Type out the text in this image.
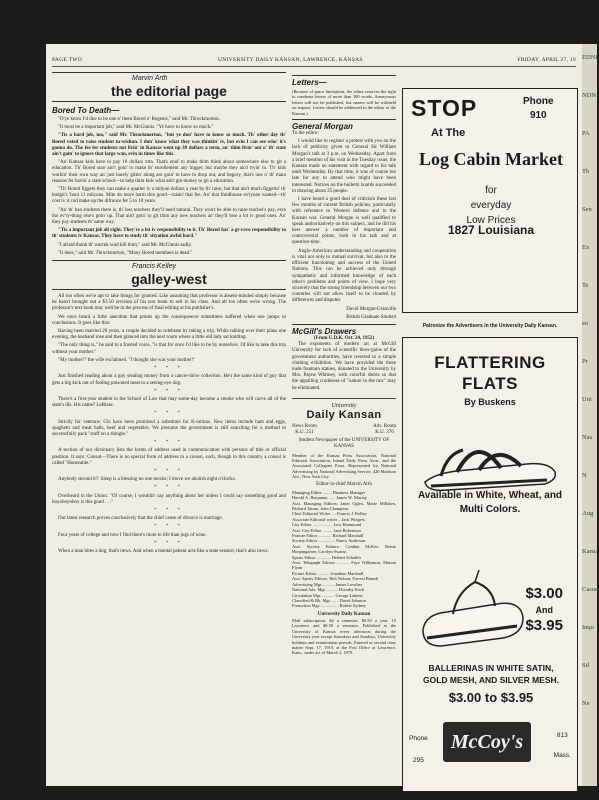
PAGE TWO	UNIVERSITY DAILY KANSAN, LAWRENCE, KANSAS	FRIDAY, APRIL 27, 19
Marvin Arth
the editorial page
Bored To Death—

"D'ye know I'd like to be one o' them Bored o' Regents," said Mr. Throckmorton.

"It must be a important job," said Mr. McGinnis. "Ye have to know so much."

"Tis a hard job, too," said Mr. Throckmorton, "but ye don' have to know so much. Th' other day th' Bored voted to raise student tu-wishun. I dun' know what they was thinkin' iv, but evin I can see who' it's gonna do. The fee fer students not livin' in Kansas went up 30 dollars a term, an' thim livin' out o' th' state ain't goin' to ignore that large wan, evin in times like this.

"An' Kansas kids have to pay 10 dollars xtra. That's enuf to make thim think about somewhere else to git a education. Th' Bored sure ain't goin' to make th' enrollement any bigger, but maybe they ain't tryin' to. Th' kids workin' their own way an' just barely gittin' along are goin' to have to drop out, and begory, that's one o' th' main reasons fer havin' a state school—to help thim kids what ain't got money to git a education.

"Th' Bored figgers they can make a quarter iv a milyun dollars a year by th' raise, but that ain't much figgerin' th' budgit's 'bout 11 milyuns. Mite do more harm thin good—raisin' that fee. An' that fmidhouse ex'tyune wanted—th' cost iv it cud make up the difrunce fer 5 to 10 years.

"An' th' ban students there is, th' less teachers they'll need natural. They won't be able to raise teacher's pay, evin tho ev'ry-thing else's goin' up. That ain't goin' to git thim any new teachers an' they'll lose a lot iv good ones. An' they pay students th' same way.

"Tis a important job all right. They're a lot iv responsibility to it. Th' Bored has' a gr-rave responsibility to th' students iv Kansas. They have to study th' sityation awful hard."

"I afraid thunk th' warrnk wud kill thim," said Mr. McGinnis sadly.

"It does," said Mr. Throckmorton, "Many Bored members is dead."

Francis Kelley
galley-west

All too often we're apt to take things for granted. Like assuming that professor is absent-minded simply because he hasn't brought out a $3.50 revision of his text book to sell to his class. And all too often we're wrong. The professor's text book may well be in the process of final editing at his publisher's.

We once heard a little anecdote that points up the consequences sometimes suffered when one jumps to conclusions. It goes like this:

Having been married 20 years, a couple decided to celebrate by taking a trip. While talking over their plans one evening, the husband rose and then glanced into the next room where a little old lady sat knitting.

"The only thing is," he said to a frosted voice, "is that for once I'd like to be by ourselves. I'd like to take this trip without your mother."

"My mother?" the wife exclaimed. "I thought she was your mother!"

* * *

Just finished reading about a guy stealing money from a cancer-drive collection. He's the same kind of guy that gets a big kick out of fooling poisoned meat to a seeing-eye dog.

* * *

There's a first-year student in the School of Law that may some-day become a smoke who will carve all of the state's ills. His name? LeBlanc.

* * *

Strictly for veterans: GIs have been promised a substitute for K-rations. New items include ham and eggs, spaghetti and meat balls, beef and vegetables. We presume the government is still searching for a method to successfully pack "stuff on a shingle."

* * *

A section of our dictionary lists the forms of address used in communication with persons of title or official position. It says: Consul—There is no special form of address to a consul, such, though in this country a consul is called "Honorable."

* * *

Anybody second it?: Sleep is a blessing no one mocks; I move we abolish eight o'clocks.

* * *

Overheard in the Union: "Of course, I wouldn't say anything about her unless I could say something good and boyoboyoboy is this good . . ."

* * *

Our latest research proves conclusively that the chief cause of divorce is marriage.

* * *

Four years of college and now I find there's more to life than jugs of wine.

* * *

When a man bites a dog, that's news. And when a mental patient acts like a state senator, that's also news.

Letters—
(Because of space limitations, the editor reserves the right to condense letters of more than 100 words. Anonymous letters will not be published, but names will be withheld on request. Letters should be addressed to the editor of the Kansan.)
General Morgan

To the editor:

I would like to register a protest with you on the lack of publicity given to General Sir William Morgan's talk at 3 p.m. on Wednesday. Apart from a brief mention of his visit in the Tuesday issue, the Kansan made no statement with regard to his talk until Wednesday. By that time, it was of course too late for any to attend who might have been interested. Notices on the bulletin boards succeeded in drawing about 25 people.

I have heard a good deal of criticism these last few months of current British policies, particularly with reference to Western defence and to the Korean war. General Morgan is well qualified to speak authoritatively on this subject, and he did his best answer a number of important and controversial points, both in his talk and at question-time.

Anglo-American understanding and cooperation is vital not only to mutual survival, but also to the efficient functioning and success of the United Nations. This can be achieved only through sympathetic and informed knowledge of each other's problems and points of view. I hope very sincerely that the strong friendship between our two countries will not allow itself to be clouded by differences and disputes.

David Morgan-Granville

British Graduate Student

McGill's Drawers
(From U.D.K. Oct. 24, 1952)

The exponents of modern art at McGill University for lack of scientific blow-gains of the government authorities, have resorted to a simple clothing exhibition. We have provided the three nude fountain statues, donated to the University by Mrs. Payne Whitney, with colorful shorts so that the appalling crudeness of "nature in the raw" may be eliminated.

University
Daily Kansan
News Room
K.U. 251
Adv. Room
K.U. 376
Student Newspaper of the UNIVERSITY OF KANSAS
Member of the Kansas Press Association, National Editorial Association, Inland Daily Press Assn., and the Associated Collegiate Press. Represented for National Advertising by National Advertising Service, 420 Madison Ave., New York City.
Editor-in-chief Marvin Arth
Managing Editor ........ Business Manager
Harold A. Benjamin ...... James W. Murray
Asst. Managing Editors: Janet Oglea, Marie Milliken, Richard Tatum, John Champion.
Chief Editorial Writer .... Francis J. Kelley
Associate Editorial writer .. Jack Wiegers
City Editor .................. Lew Hammond
Asst. City Editor ......... Jane Robertson
Feature Editor ............ Richard Marshall
Society Editor ............... Nancy Anderson
Asst. Society Editors: Cynthia McKee, Betsie Hoopingarner, Carolyn Swartz.
Sports Editor ............. Herbert Schaffer
Asst. Telegraph Editors ........... Faye Wilkinson, Marion Flynn
Picture Editor ........... Jonathan Marshall
Asst. Sports Editors: Bob Nelson, Forrest Brandt
Advertising Mgr. .......... James Lowther
National Adv. Mgr. .......... Dorothy Koch
Circulation Mgr. ........... George Lukens
Classified & Bk. Mgr. ...... David Johnson
Promotion Mgr. ................ Robert Sydney
University Daily Kansan
Mail subscription, $4 a semester; $6.50 a year. 15 Lawrence and $6.50 a semester. Published at the University of Kansas every afternoon during the University year except Saturdays and Sundays, University holidays and examination periods. Entered as second class matter Sept. 17, 1910, at the Post Office at Lawrence, Kans., under act of March 3, 1879.
STOP	Phone
910
At The
Log Cabin Market
for
everyday
Low Prices
1827 Louisiana
Patronize the Advertisers in the University Daily Kansan.
FLATTERING
FLATS
By Buskens
Available in White, Wheat, and
Multi Colors.
$3.00
And
$3.95
BALLERINAS IN WHITE SATIN,
GOLD MESH, AND SILVER MESH.
$3.00 to $3.95
Phone
295
McCoy's	813
Mass.
EDNE
NDN
PA
Th
Sen
Ex
Te
eo
Pr
Uni
Nas
N
Aug
Kansa
Casua
Inqu
Stl
Ne
